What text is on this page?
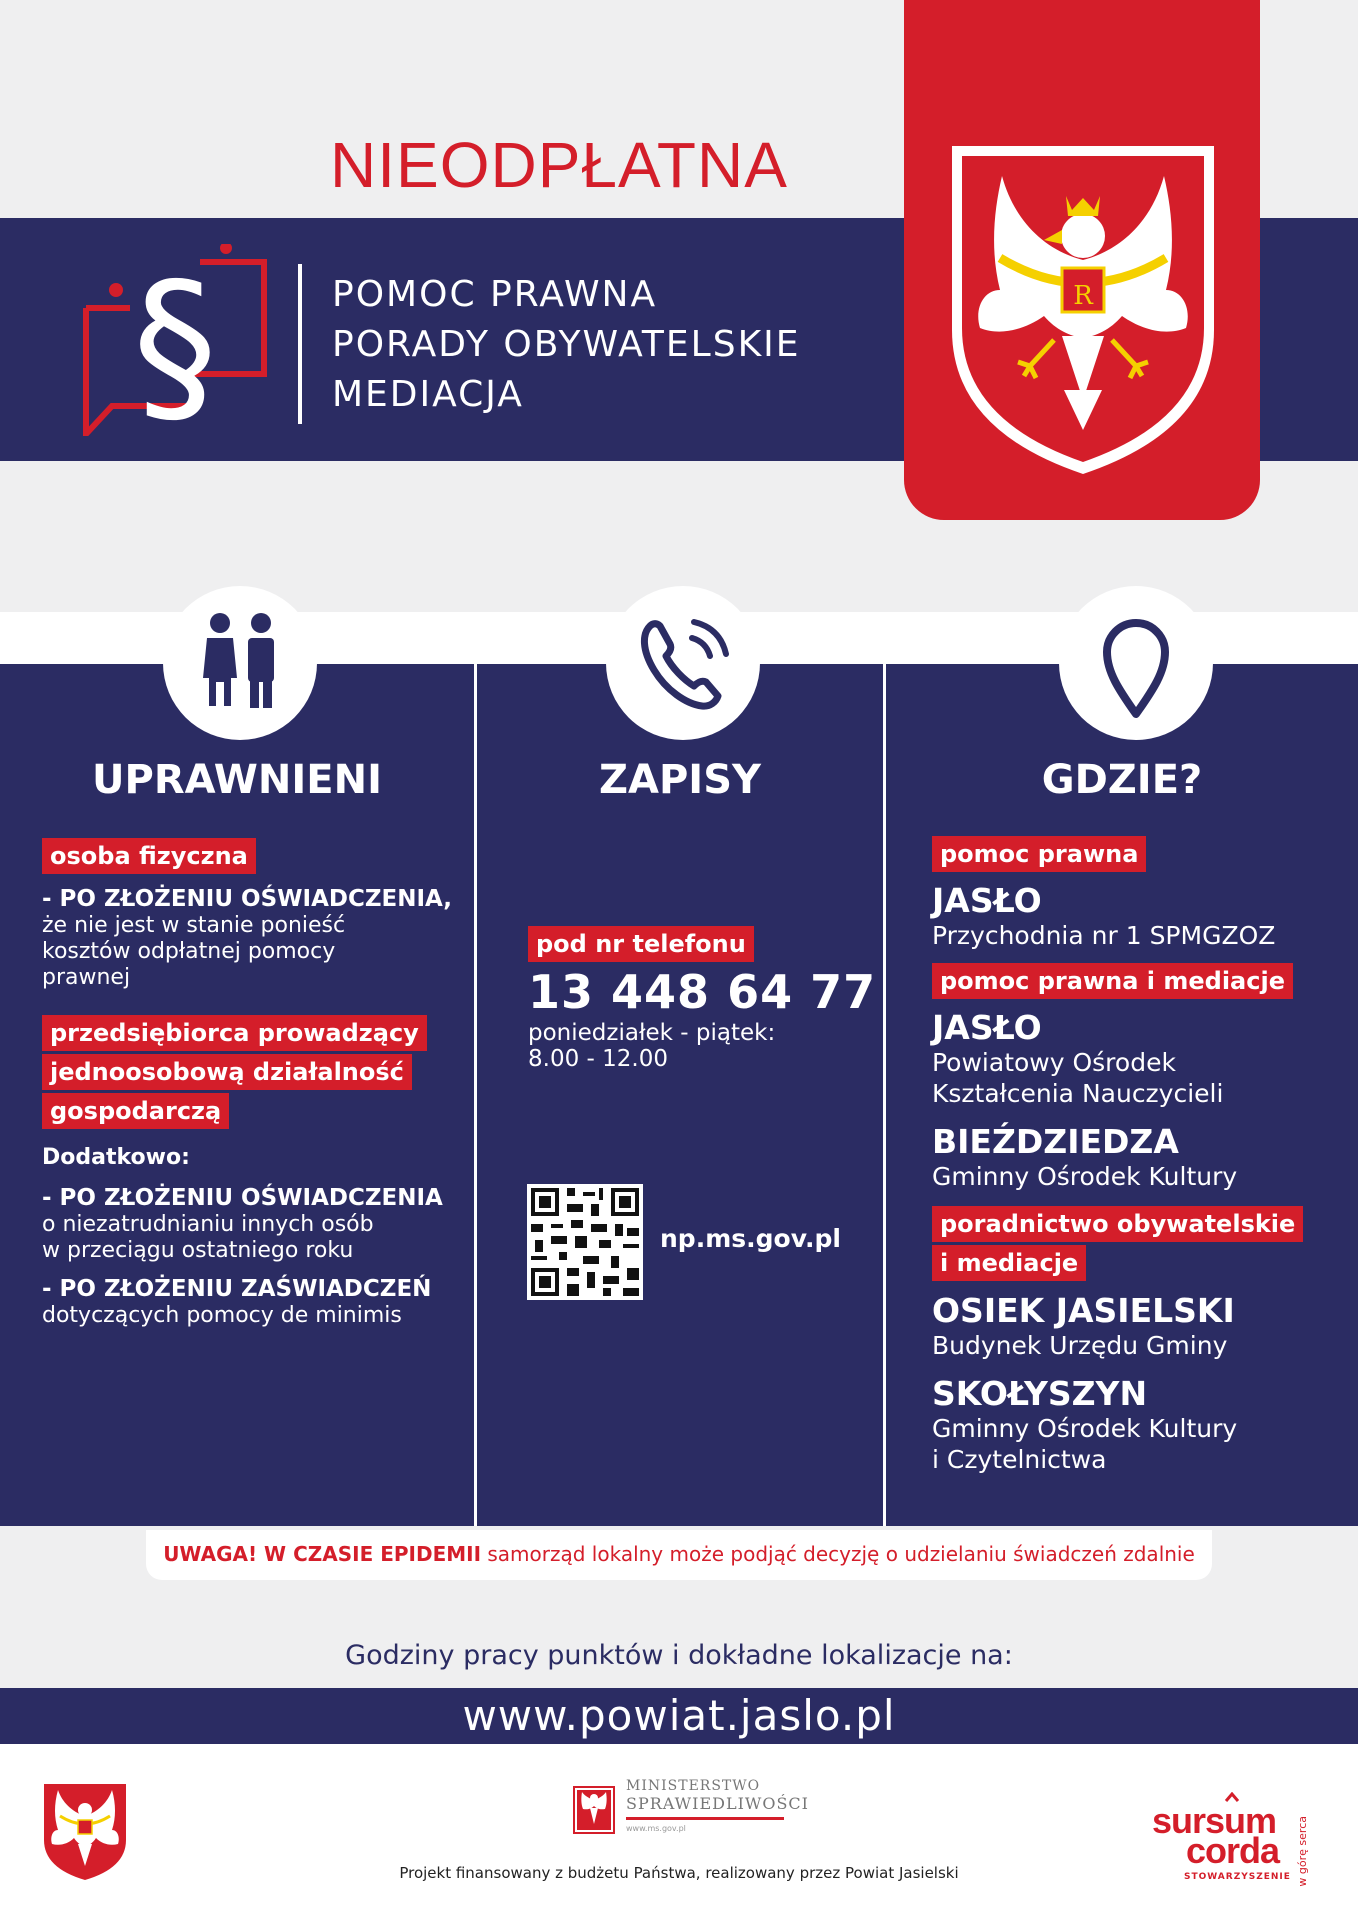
NIEODPŁATNA
§	POMOC PRAWNA
PORADY OBYWATELSKIE
MEDIACJA
R
UPRAWNIENI	ZAPISY	GDZIE?
osoba fizyczna
- PO ZŁOŻENIU OŚWIADCZENIA,
że nie jest w stanie ponieść
kosztów odpłatnej pomocy
prawnej
przedsiębiorca prowadzący
jednoosobową działalność
gospodarczą
Dodatkowo:
- PO ZŁOŻENIU OŚWIADCZENIA
o niezatrudnianiu innych osób
w przeciągu ostatniego roku
- PO ZŁOŻENIU ZAŚWIADCZEŃ
dotyczących pomocy de minimis
pod nr telefonu
13 448 64 77
poniedziałek - piątek:
8.00 - 12.00
np.ms.gov.pl
pomoc prawna
JASŁO
Przychodnia nr 1 SPMGZOZ
pomoc prawna i mediacje
JASŁO
Powiatowy Ośrodek
Kształcenia Nauczycieli
BIEŹDZIEDZA
Gminny Ośrodek Kultury
poradnictwo obywatelskie
i mediacje
OSIEK JASIELSKI
Budynek Urzędu Gminy
SKOŁYSZYN
Gminny Ośrodek Kultury
i Czytelnictwa
UWAGA! W CZASIE EPIDEMII samorząd lokalny może podjąć decyzję o udzielaniu świadczeń zdalnie
Godziny pracy punktów i dokładne lokalizacje na:
www.powiat.jaslo.pl
MINISTERSTWO
SPRAWIEDLIWOŚCI
www.ms.gov.pl
Projekt finansowany z budżetu Państwa, realizowany przez Powiat Jasielski
sursum
corda
STOWARZYSZENIE w górę serca
